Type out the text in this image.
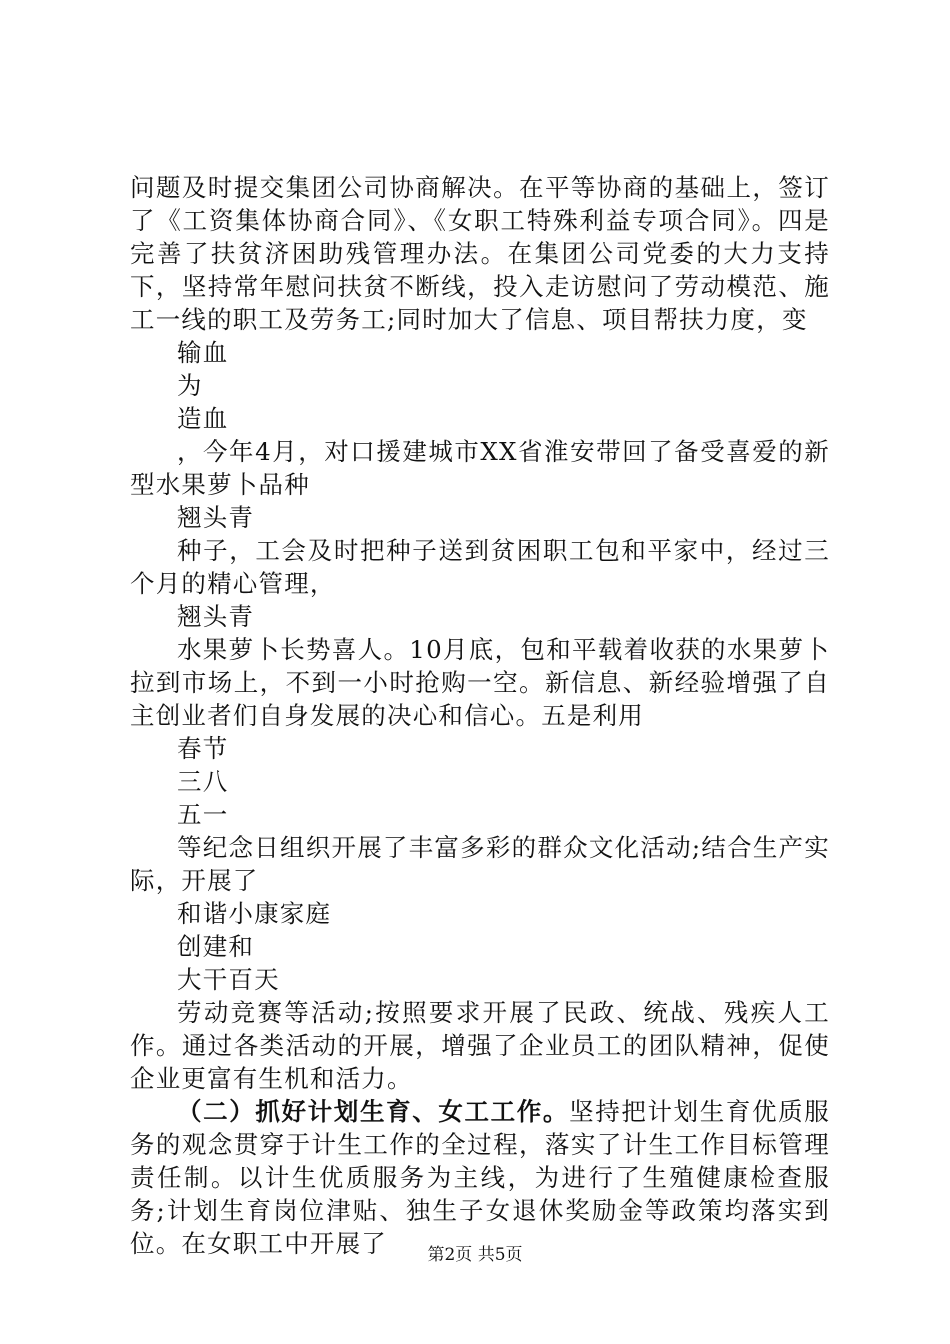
问题及时提交集团公司协商解决。在平等协商的基础上，签订了《工资集体协商合同》、《女职工特殊利益专项合同》。四是完善了扶贫济困助残管理办法。在集团公司党委的大力支持下，坚持常年慰问扶贫不断线，投入走访慰问了劳动模范、施工一线的职工及劳务工;同时加大了信息、项目帮扶力度，变

输血

为

造血

，今年4月，对口援建城市XX省淮安带回了备受喜爱的新型水果萝卜品种

翘头青

种子，工会及时把种子送到贫困职工包和平家中，经过三个月的精心管理，

翘头青

水果萝卜长势喜人。10月底，包和平载着收获的水果萝卜拉到市场上，不到一小时抢购一空。新信息、新经验增强了自主创业者们自身发展的决心和信心。五是利用

春节

三八

五一

等纪念日组织开展了丰富多彩的群众文化活动;结合生产实际，开展了

和谐小康家庭

创建和

大干百天

劳动竞赛等活动;按照要求开展了民政、统战、残疾人工作。通过各类活动的开展，增强了企业员工的团队精神，促使企业更富有生机和活力。

（二）抓好计划生育、女工工作。坚持把计划生育优质服务的观念贯穿于计生工作的全过程，落实了计生工作目标管理责任制。以计生优质服务为主线，为进行了生殖健康检查服务;计划生育岗位津贴、独生子女退休奖励金等政策均落实到位。在女职工中开展了	第2页 共5页
